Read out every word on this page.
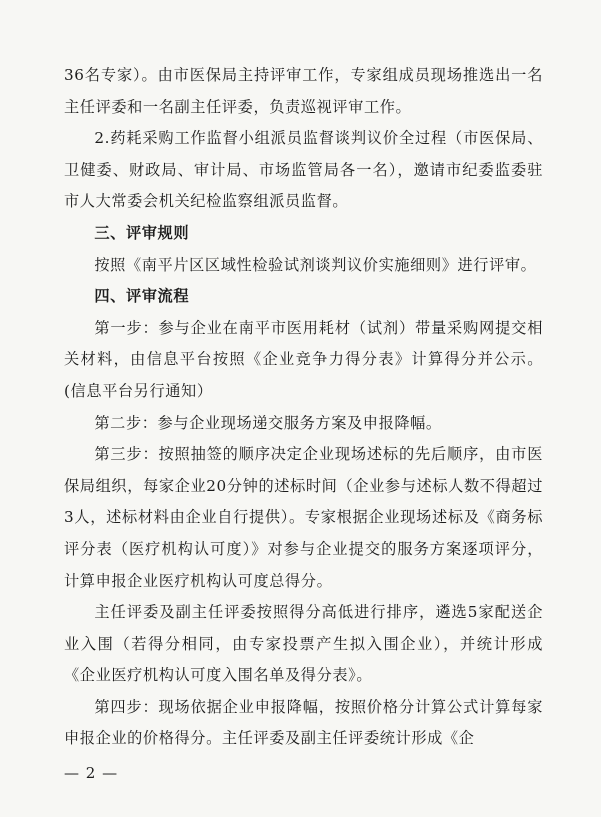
36名专家）。由市医保局主持评审工作，专家组成员现场推选出一名主任评委和一名副主任评委，负责巡视评审工作。

2.药耗采购工作监督小组派员监督谈判议价全过程（市医保局、卫健委、财政局、审计局、市场监管局各一名），邀请市纪委监委驻市人大常委会机关纪检监察组派员监督。

三、评审规则

按照《南平片区区域性检验试剂谈判议价实施细则》进行评审。

四、评审流程

第一步：参与企业在南平市医用耗材（试剂）带量采购网提交相关材料，由信息平台按照《企业竞争力得分表》计算得分并公示。(信息平台另行通知）

第二步：参与企业现场递交服务方案及申报降幅。

第三步：按照抽签的顺序决定企业现场述标的先后顺序，由市医保局组织，每家企业20分钟的述标时间（企业参与述标人数不得超过3人，述标材料由企业自行提供）。专家根据企业现场述标及《商务标评分表（医疗机构认可度）》对参与企业提交的服务方案逐项评分，计算申报企业医疗机构认可度总得分。

主任评委及副主任评委按照得分高低进行排序，遴选5家配送企业入围（若得分相同，由专家投票产生拟入围企业），并统计形成《企业医疗机构认可度入围名单及得分表》。

第四步：现场依据企业申报降幅，按照价格分计算公式计算每家申报企业的价格得分。主任评委及副主任评委统计形成《企

— 2 —
